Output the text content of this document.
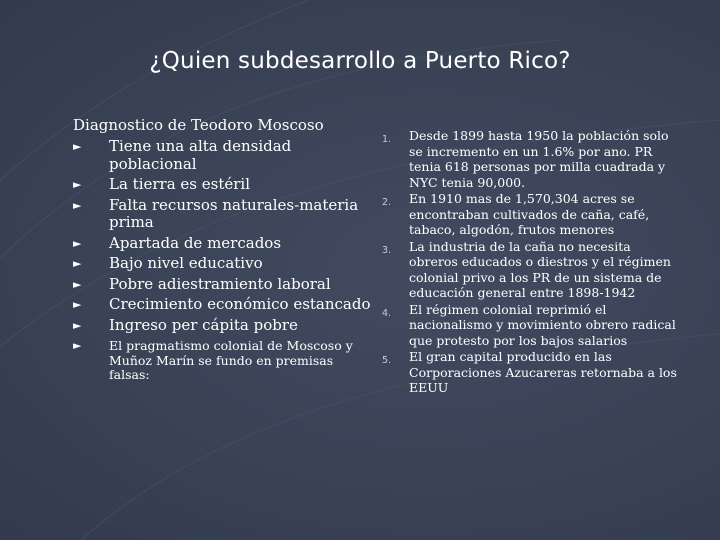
¿Quien subdesarrollo a Puerto Rico?
Diagnostico de Teodoro Moscoso
► Tiene una alta densidad poblacional
► La tierra es estéril
► Falta recursos naturales-materia prima
► Apartada de mercados
► Bajo nivel educativo
► Pobre adiestramiento laboral
► Crecimiento económico estancado
► Ingreso per cápita pobre
► El pragmatismo colonial de Moscoso y Muñoz Marín se fundo en premisas falsas:
1. Desde 1899 hasta 1950 la población solo se incremento en un 1.6% por ano. PR tenia 618 personas por milla cuadrada y NYC tenia 90,000.
2. En 1910 mas de 1,570,304 acres se encontraban cultivados de caña, café, tabaco, algodón, frutos menores
3. La industria de la caña no necesita obreros educados o diestros y el régimen colonial privo a los PR de un sistema de educación general entre 1898-1942
4. El régimen colonial reprimió el nacionalismo y movimiento obrero radical que protesto por los bajos salarios
5. El gran capital producido en las Corporaciones Azucareras retornaba a los EEUU
